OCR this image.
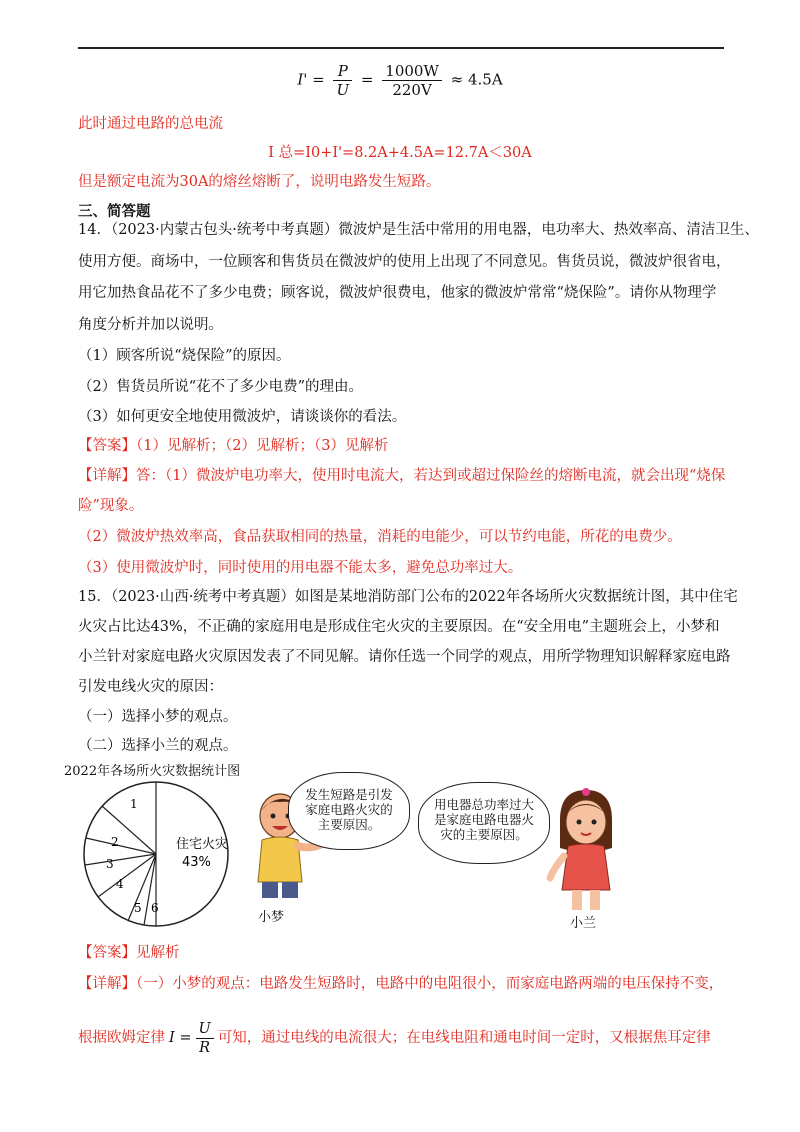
$I' = \frac{P}{U} = \frac{1000W}{220V} \approx 4.5A$
此时通过电路的总电流
I 总=I0+I'=8.2A+4.5A=12.7A＜30A
但是额定电流为30A的熔丝熔断了，说明电路发生短路。
三、简答题
14．（2023·内蒙古包头·统考中考真题）微波炉是生活中常用的用电器，电功率大、热效率高、清洁卫生、
使用方便。商场中，一位顾客和售货员在微波炉的使用上出现了不同意见。售货员说，微波炉很省电，
用它加热食品花不了多少电费；顾客说，微波炉很费电，他家的微波炉常常“烧保险”。请你从物理学
角度分析并加以说明。
（1）顾客所说“烧保险”的原因。
（2）售货员所说“花不了多少电费”的理由。
（3）如何更安全地使用微波炉，请谈谈你的看法。
【答案】（1）见解析；（2）见解析；（3）见解析
【详解】答：（1）微波炉电功率大，使用时电流大，若达到或超过保险丝的熔断电流，就会出现“烧保
险”现象。
（2）微波炉热效率高，食品获取相同的热量，消耗的电能少，可以节约电能，所花的电费少。
（3）使用微波炉时，同时使用的用电器不能太多，避免总功率过大。
15．（2023·山西·统考中考真题）如图是某地消防部门公布的2022年各场所火灾数据统计图，其中住宅
火灾占比达43%，不正确的家庭用电是形成住宅火灾的主要原因。在“安全用电”主题班会上，小梦和
小兰针对家庭电路火灾原因发表了不同见解。请你任选一个同学的观点，用所学物理知识解释家庭电路
引发电线火灾的原因：
（一）选择小梦的观点。
（二）选择小兰的观点。
2022年各场所火灾数据统计图
住宅火灾
43%
1
2
3
4
5 6
发生短路是引发
家庭电路火灾的
主要原因。
小梦
用电器总功率过大
是家庭电路电器火
灾的主要原因。
小兰
【答案】见解析
【详解】（一）小梦的观点：电路发生短路时，电路中的电阻很小，而家庭电路两端的电压保持不变，
根据欧姆定律 $I = \frac{U}{R}$ 可知，通过电线的电流很大；在电线电阻和通电时间一定时，又根据焦耳定律
